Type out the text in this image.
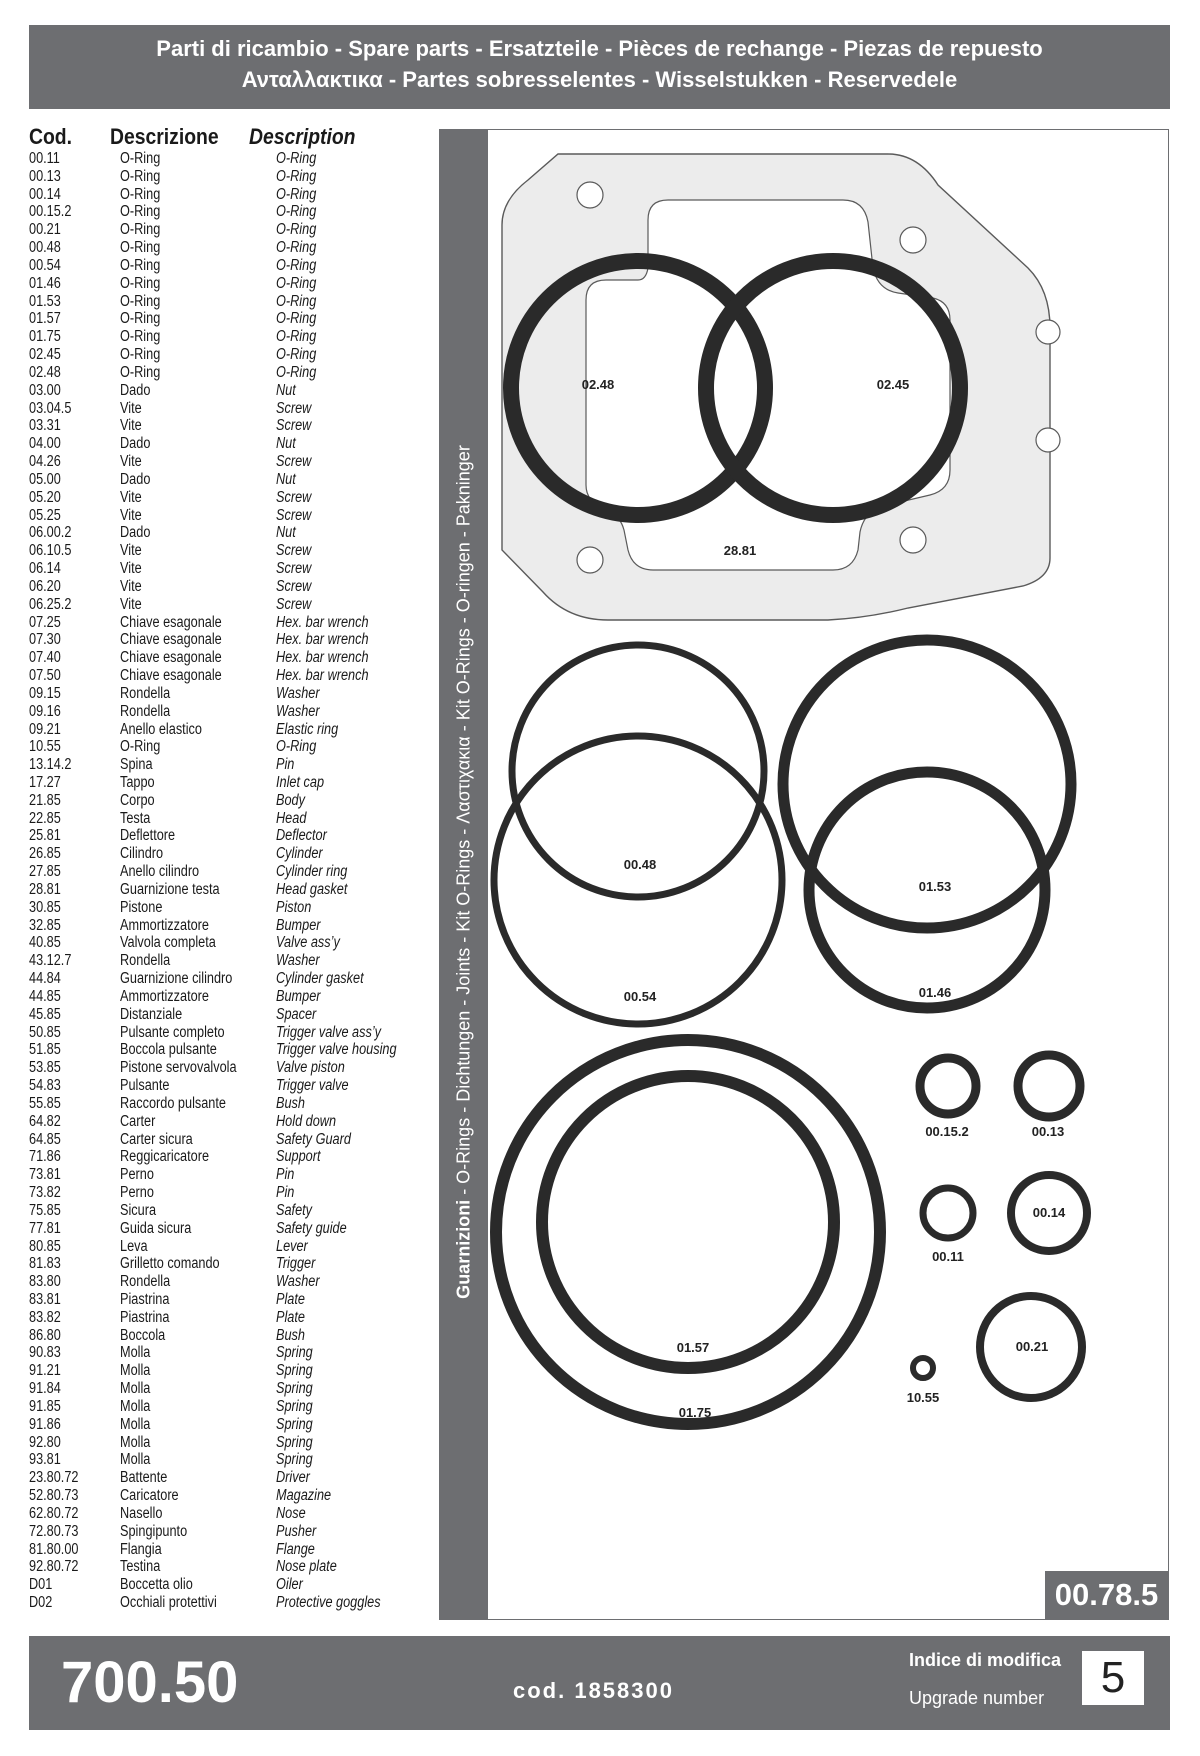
Parti di ricambio - Spare parts - Ersatzteile - Pièces de rechange - Piezas de repuesto
Ανταλλακτικα - Partes sobresselentes - Wisselstukken - Reservedele
Cod. Descrizione Description
00.11	O-Ring	O-Ring
00.13	O-Ring	O-Ring
00.14	O-Ring	O-Ring
00.15.2	O-Ring	O-Ring
00.21	O-Ring	O-Ring
00.48	O-Ring	O-Ring
00.54	O-Ring	O-Ring
01.46	O-Ring	O-Ring
01.53	O-Ring	O-Ring
01.57	O-Ring	O-Ring
01.75	O-Ring	O-Ring
02.45	O-Ring	O-Ring
02.48	O-Ring	O-Ring
03.00	Dado	Nut
03.04.5	Vite	Screw
03.31	Vite	Screw
04.00	Dado	Nut
04.26	Vite	Screw
05.00	Dado	Nut
05.20	Vite	Screw
05.25	Vite	Screw
06.00.2	Dado	Nut
06.10.5	Vite	Screw
06.14	Vite	Screw
06.20	Vite	Screw
06.25.2	Vite	Screw
07.25	Chiave esagonale	Hex. bar wrench
07.30	Chiave esagonale	Hex. bar wrench
07.40	Chiave esagonale	Hex. bar wrench
07.50	Chiave esagonale	Hex. bar wrench
09.15	Rondella	Washer
09.16	Rondella	Washer
09.21	Anello elastico	Elastic ring
10.55	O-Ring	O-Ring
13.14.2	Spina	Pin
17.27	Tappo	Inlet cap
21.85	Corpo	Body
22.85	Testa	Head
25.81	Deflettore	Deflector
26.85	Cilindro	Cylinder
27.85	Anello cilindro	Cylinder ring
28.81	Guarnizione testa	Head gasket
30.85	Pistone	Piston
32.85	Ammortizzatore	Bumper
40.85	Valvola completa	Valve ass’y
43.12.7	Rondella	Washer
44.84	Guarnizione cilindro	Cylinder gasket
44.85	Ammortizzatore	Bumper
45.85	Distanziale	Spacer
50.85	Pulsante completo	Trigger valve ass’y
51.85	Boccola pulsante	Trigger valve housing
53.85	Pistone servovalvola	Valve piston
54.83	Pulsante	Trigger valve
55.85	Raccordo pulsante	Bush
64.82	Carter	Hold down
64.85	Carter sicura	Safety Guard
71.86	Reggicaricatore	Support
73.81	Perno	Pin
73.82	Perno	Pin
75.85	Sicura	Safety
77.81	Guida sicura	Safety guide
80.85	Leva	Lever
81.83	Grilletto comando	Trigger
83.80	Rondella	Washer
83.81	Piastrina	Plate
83.82	Piastrina	Plate
86.80	Boccola	Bush
90.83	Molla	Spring
91.21	Molla	Spring
91.84	Molla	Spring
91.85	Molla	Spring
91.86	Molla	Spring
92.80	Molla	Spring
93.81	Molla	Spring
23.80.72	Battente	Driver
52.80.73	Caricatore	Magazine
62.80.72	Nasello	Nose
72.80.73	Spingipunto	Pusher
81.80.00	Flangia	Flange
92.80.72	Testina	Nose plate
D01	Boccetta olio	Oiler
D02	Occhiali protettivi	Protective goggles
Guarnizioni - O-Rings - Dichtungen - Joints - Kit O-Rings - Λαστιχακια - Kit O-Rings - O-ringen - Pakninger
02.48	02.45
28.81
00.48
00.54
01.53
01.46
01.57
01.75
00.15.2	00.13
00.14
00.11
00.21
10.55
00.78.5
700.50	cod. 1858300
Indice di modifica
Upgrade number	5
